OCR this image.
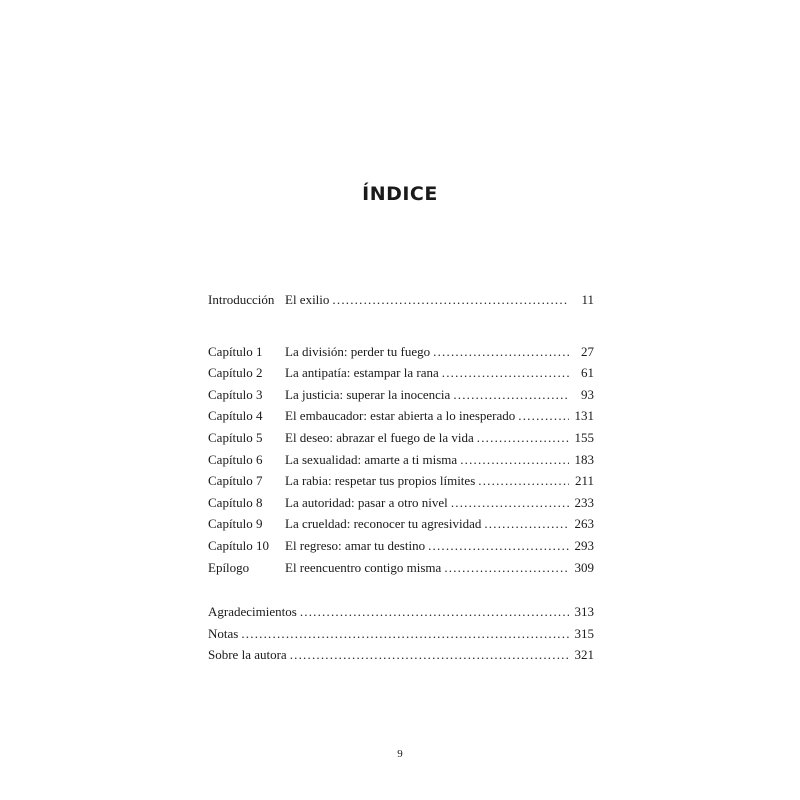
ÍNDICE
Introducción El exilio .....	11
Capítulo 1	La división: perder tu fuego .....	27
Capítulo 2	La antipatía: estampar la rana .....	61
Capítulo 3	La justicia: superar la inocencia .....	93
Capítulo 4	El embaucador: estar abierta a lo inesperado .....	131
Capítulo 5	El deseo: abrazar el fuego de la vida .....	155
Capítulo 6	La sexualidad: amarte a ti misma .....	183
Capítulo 7	La rabia: respetar tus propios límites .....	211
Capítulo 8	La autoridad: pasar a otro nivel .....	233
Capítulo 9	La crueldad: reconocer tu agresividad .....	263
Capítulo 10	El regreso: amar tu destino .....	293
Epílogo	El reencuentro contigo misma .....	309
Agradecimientos .....	313
Notas .....	315
Sobre la autora .....	321
9
